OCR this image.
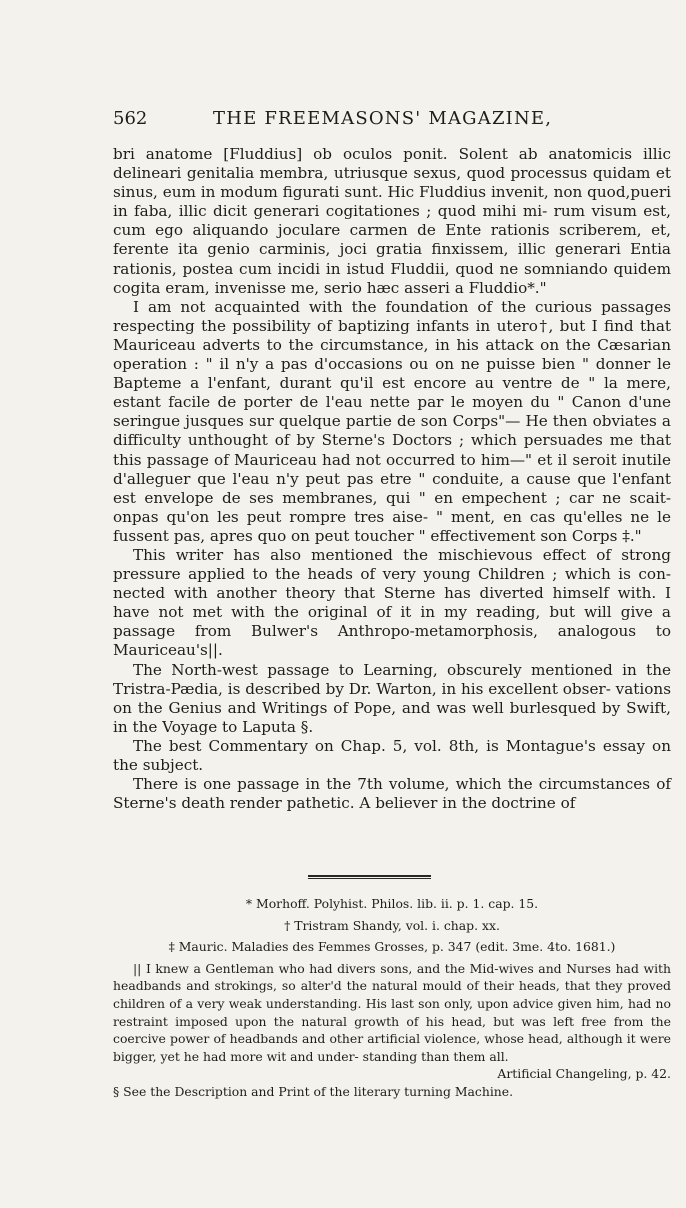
562	THE FREEMASONS' MAGAZINE,

bri anatome [Fluddius] ob oculos ponit. Solent ab anatomicis illic delineari genitalia membra, utriusque sexus, quod processus quidam et sinus, eum in modum figurati sunt. Hic Fluddius invenit, non quod,pueri in faba, illic dicit generari cogitationes ; quod mihi mi- rum visum est, cum ego aliquando joculare carmen de Ente rationis scriberem, et, ferente ita genio carminis, joci gratia finxissem, illic generari Entia rationis, postea cum incidi in istud Fluddii, quod ne somniando quidem cogita eram, invenisse me, serio hæc asseri a Fluddio*."

I am not acquainted with the foundation of the curious passages respecting the possibility of baptizing infants in utero†, but I find that Mauriceau adverts to the circumstance, in his attack on the Cæsarian operation : " il n'y a pas d'occasions ou on ne puisse bien " donner le Bapteme a l'enfant, durant qu'il est encore au ventre de " la mere, estant facile de porter de l'eau nette par le moyen du " Canon d'une seringue jusques sur quelque partie de son Corps"— He then obviates a difficulty unthought of by Sterne's Doctors ; which persuades me that this passage of Mauriceau had not occurred to him—" et il seroit inutile d'alleguer que l'eau n'y peut pas etre " conduite, a cause que l'enfant est envelope de ses membranes, qui " en empechent ; car ne scait-onpas qu'on les peut rompre tres aise- " ment, en cas qu'elles ne le fussent pas, apres quo on peut toucher " effectivement son Corps ‡."

This writer has also mentioned the mischievous effect of strong pressure applied to the heads of very young Children ; which is con- nected with another theory that Sterne has diverted himself with. I have not met with the original of it in my reading, but will give a passage from Bulwer's Anthropo-metamorphosis, analogous to Mauriceau's||.

The North-west passage to Learning, obscurely mentioned in the Tristra-Pædia, is described by Dr. Warton, in his excellent obser- vations on the Genius and Writings of Pope, and was well burlesqued by Swift, in the Voyage to Laputa §.

The best Commentary on Chap. 5, vol. 8th, is Montague's essay on the subject.

There is one passage in the 7th volume, which the circumstances of Sterne's death render pathetic. A believer in the doctrine of

* Morhoff. Polyhist. Philos. lib. ii. p. 1. cap. 15.

† Tristram Shandy, vol. i. chap. xx.

‡ Mauric. Maladies des Femmes Grosses, p. 347 (edit. 3me. 4to. 1681.)

|| I knew a Gentleman who had divers sons, and the Mid-wives and Nurses had with headbands and strokings, so alter'd the natural mould of their heads, that they proved children of a very weak understanding. His last son only, upon advice given him, had no restraint imposed upon the natural growth of his head, but was left free from the coercive power of headbands and other artificial violence, whose head, although it were bigger, yet he had more wit and under- standing than them all.

Artificial Changeling, p. 42.

§ See the Description and Print of the literary turning Machine.
